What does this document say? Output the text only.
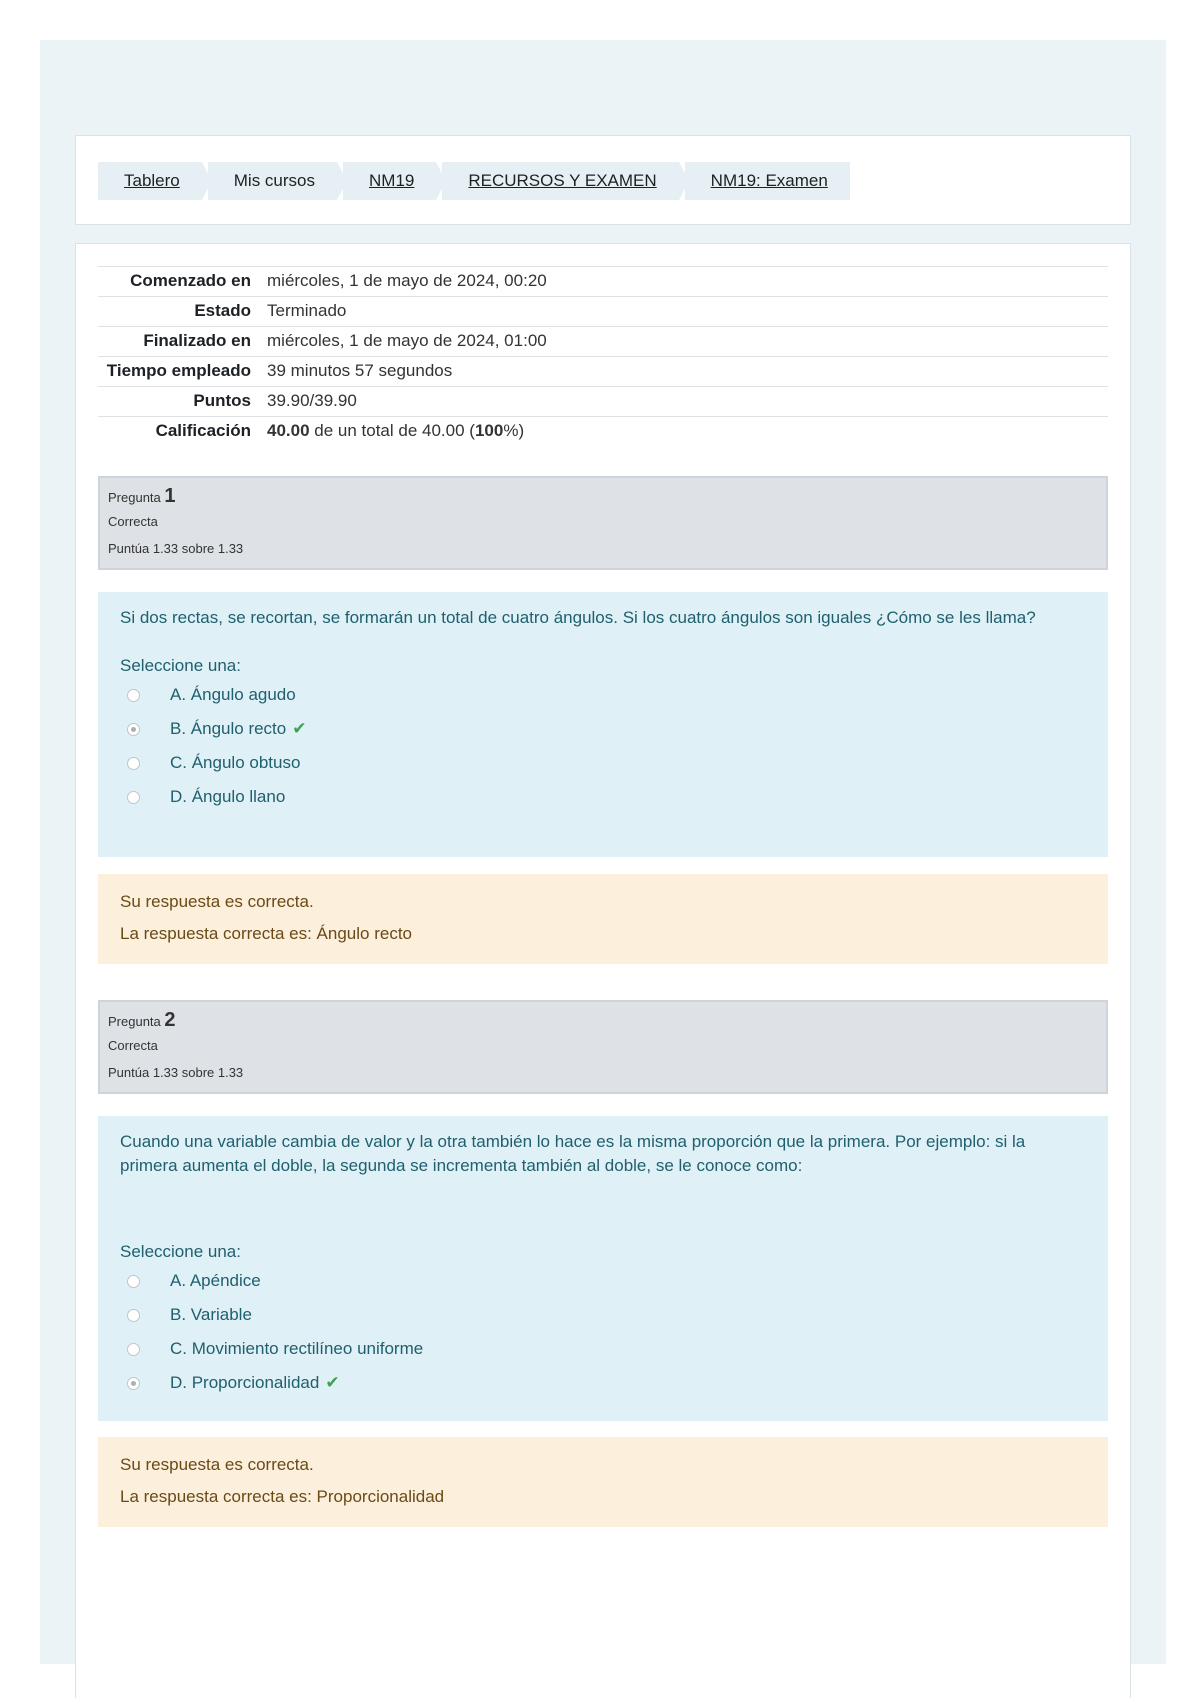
Tablero	Mis cursos	NM19	RECURSOS Y EXAMEN	NM19: Examen
Comenzado en	miércoles, 1 de mayo de 2024, 00:20
Estado	Terminado
Finalizado en	miércoles, 1 de mayo de 2024, 01:00
Tiempo empleado	39 minutos 57 segundos
Puntos	39.90/39.90
Calificación	40.00 de un total de 40.00 (100%)
Pregunta 1
Correcta
Puntúa 1.33 sobre 1.33

Si dos rectas, se recortan, se formarán un total de cuatro ángulos. Si los cuatro ángulos son iguales ¿Cómo se les llama?

Seleccione una:
A. Ángulo agudo
B. Ángulo recto ✔
C. Ángulo obtuso
D. Ángulo llano
Su respuesta es correcta.
La respuesta correcta es: Ángulo recto
Pregunta 2
Correcta
Puntúa 1.33 sobre 1.33

Cuando una variable cambia de valor y la otra también lo hace es la misma proporción que la primera. Por ejemplo: si la primera aumenta el doble, la segunda se incrementa también al doble, se le conoce como:

Seleccione una:
A. Apéndice
B. Variable
C. Movimiento rectilíneo uniforme
D. Proporcionalidad ✔
Su respuesta es correcta.
La respuesta correcta es: Proporcionalidad
